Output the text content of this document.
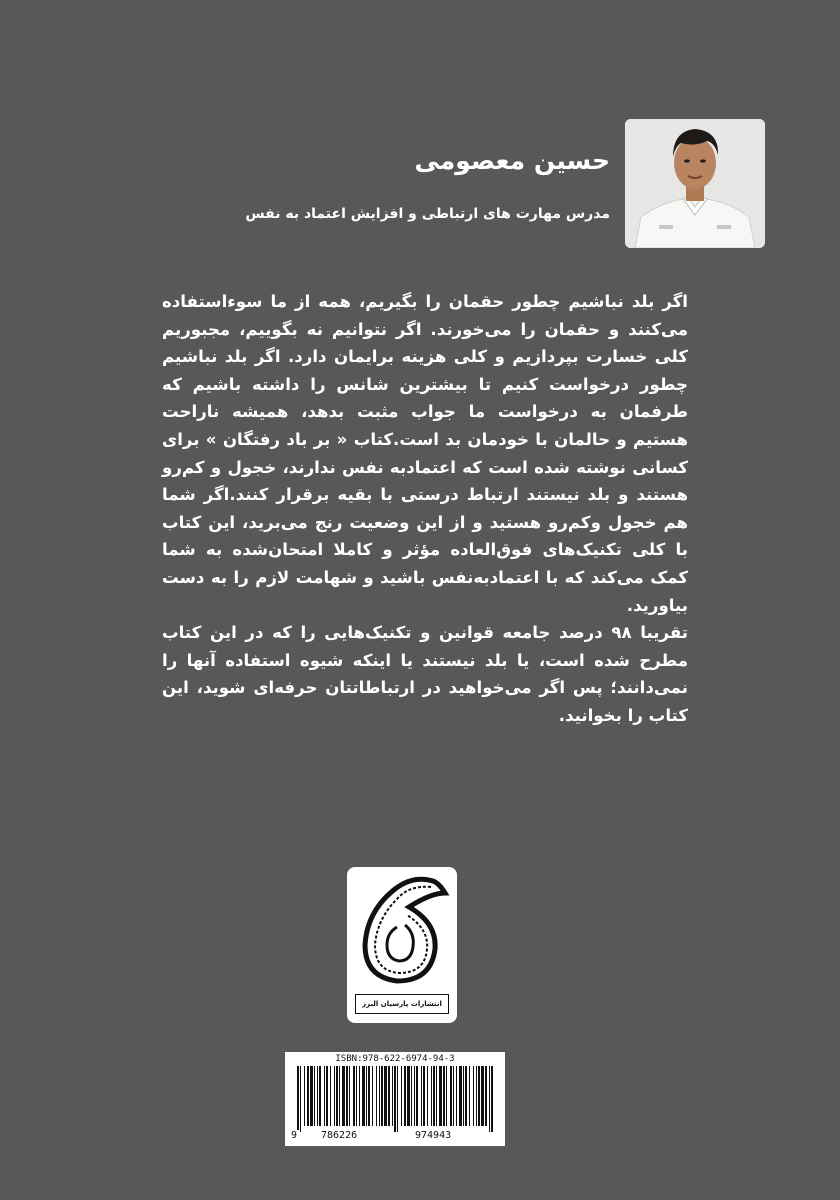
حسین معصومی
مدرس مهارت های ارتباطی و افزایش اعتماد به نفس

اگر بلد نباشیم چطور حقمان را بگیریم، همه از ما سوءاستفاده می‌کنند و حقمان را می‌خورند. اگر نتوانیم نه بگوییم، مجبوریم کلی خسارت بپردازیم و کلی هزینه برایمان دارد. اگر بلد نباشیم چطور درخواست کنیم تا بیشترین شانس را داشته باشیم که طرفمان به درخواست ما جواب مثبت بدهد، همیشه ناراحت هستیم و حالمان با خودمان بد است.کتاب « بر باد رفتگان » برای کسانی نوشته شده است که اعتمادبه نفس ندارند، خجول و کم‌رو هستند و بلد نیستند ارتباط درستی با بقیه برقرار کنند.اگر شما هم خجول وکم‌رو هستید و از این وضعیت رنج می‌برید، این کتاب با کلی تکنیک‌های فوق‌العاده مؤثر و کاملا امتحان‌شده به شما کمک می‌کند که با اعتمادبه‌نفس باشید و شهامت لازم را به دست بیاورید.

تقریبا ۹۸ درصد جامعه قوانین و تکنیک‌هایی را که در این کتاب مطرح شده است، یا بلد نیستند یا اینکه شیوه استفاده آنها را نمی‌دانند؛ پس اگر می‌خواهید در ارتباطاتتان حرفه‌ای شوید، این کتاب را بخوانید.

انتشارات پارسیان البرز
ISBN:978-622-6974-94-3
9 786226	974943
